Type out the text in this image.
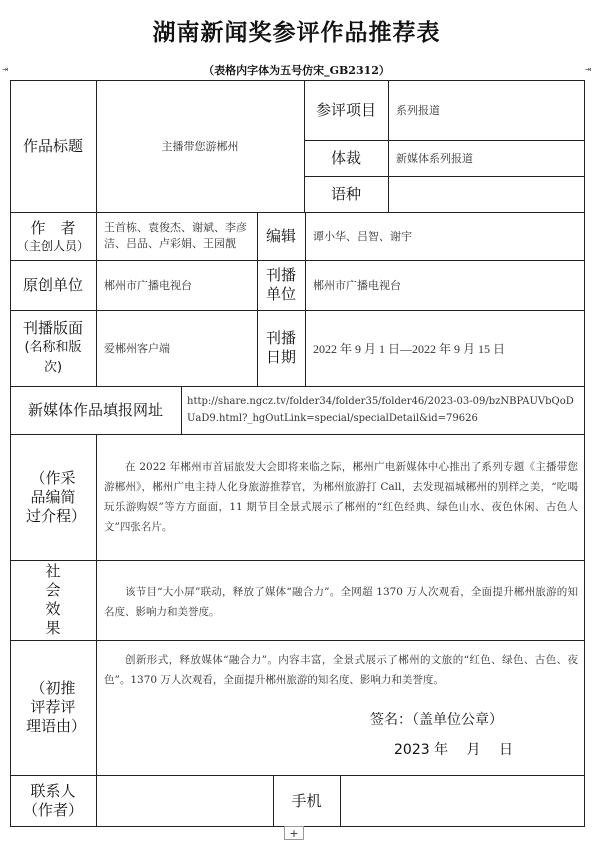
湖南新闻奖参评作品推荐表
（表格内字体为五号仿宋_GB2312）
⇥	⇥
作品标题	主播带您游郴州
参评项目	系列报道
体裁	新媒体系列报道
语种
作　者
（主创人员）
王首栋、袁俊杰、谢斌、李彦洁、吕品、卢彩娟、王园靓	编辑	谭小华、吕智、谢宇
原创单位	郴州市广播电视台
刊播单位	郴州市广播电视台
刊播版面
(名称和版次)
爱郴州客户端
刊播日期	2022 年 9 月 1 日—2022 年 9 月 15 日
新媒体作品填报网址	http://share.ngcz.tv/folder34/folder35/folder46/2023-03-09/bzNBPAUVbQoDUaD9.html?_hgOutLink=special/specialDetail&id=79626
（作采品编简过介程）
在 2022 年郴州市首届旅发大会即将来临之际，郴州广电新媒体中心推出了系列专题《主播带您游郴州》，郴州广电主持人化身旅游推荐官，为郴州旅游打 Call，去发现福城郴州的别样之美，“吃喝玩乐游购娱”等方方面面，11 期节目全景式展示了郴州的“红色经典、绿色山水、夜色休闲、古色人文”四张名片。
社会效果
该节目“大小屏”联动，释放了媒体“融合力”。全网超 1370 万人次观看，全面提升郴州旅游的知名度、影响力和美誉度。
（初推评荐评理语由）
创新形式，释放媒体“融合力”。内容丰富，全景式展示了郴州的文旅的“红色、绿色、古色、夜色”。1370 万人次观看，全面提升郴州旅游的知名度、影响力和美誉度。
签名：（盖单位公章）
2023 年　 月　 日
联系人（作者）
手机
+
